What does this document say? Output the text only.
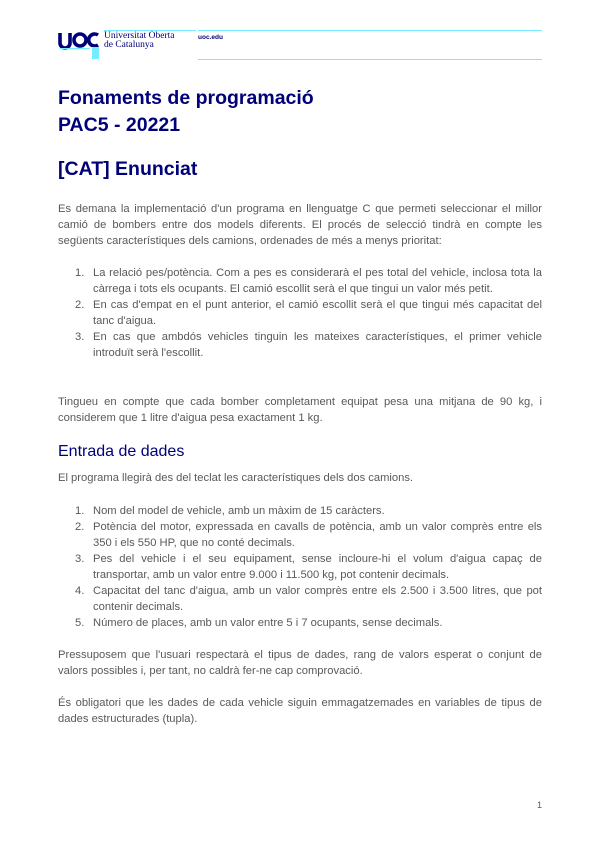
Universitat Oberta
de Catalunya
uoc.edu
Fonaments de programació
PAC5 - 20221
[CAT] Enunciat

Es demana la implementació d'un programa en llenguatge C que permeti seleccionar el millor camió de bombers entre dos models diferents. El procés de selecció tindrà en compte les següents característiques dels camions, ordenades de més a menys prioritat:

1. La relació pes/potència. Com a pes es considerarà el pes total del vehicle, inclosa tota la càrrega i tots els ocupants. El camió escollit serà el que tingui un valor més petit.
2. En cas d'empat en el punt anterior, el camió escollit serà el que tingui més capacitat del tanc d'aigua.
3. En cas que ambdós vehicles tinguin les mateixes característiques, el primer vehicle introduït serà l'escollit.

Tingueu en compte que cada bomber completament equipat pesa una mitjana de 90 kg, i considerem que 1 litre d'aigua pesa exactament 1 kg.

Entrada de dades

El programa llegirà des del teclat les característiques dels dos camions.

1. Nom del model de vehicle, amb un màxim de 15 caràcters.
2. Potència del motor, expressada en cavalls de potència, amb un valor comprès entre els 350 i els 550 HP, que no conté decimals.
3. Pes del vehicle i el seu equipament, sense incloure-hi el volum d'aigua capaç de transportar, amb un valor entre 9.000 i 11.500 kg, pot contenir decimals.
4. Capacitat del tanc d'aigua, amb un valor comprès entre els 2.500 i 3.500 litres, que pot contenir decimals.
5. Número de places, amb un valor entre 5 i 7 ocupants, sense decimals.

Pressuposem que l'usuari respectarà el tipus de dades, rang de valors esperat o conjunt de valors possibles i, per tant, no caldrà fer-ne cap comprovació.

És obligatori que les dades de cada vehicle siguin emmagatzemades en variables de tipus de dades estructurades (tupla).

1
